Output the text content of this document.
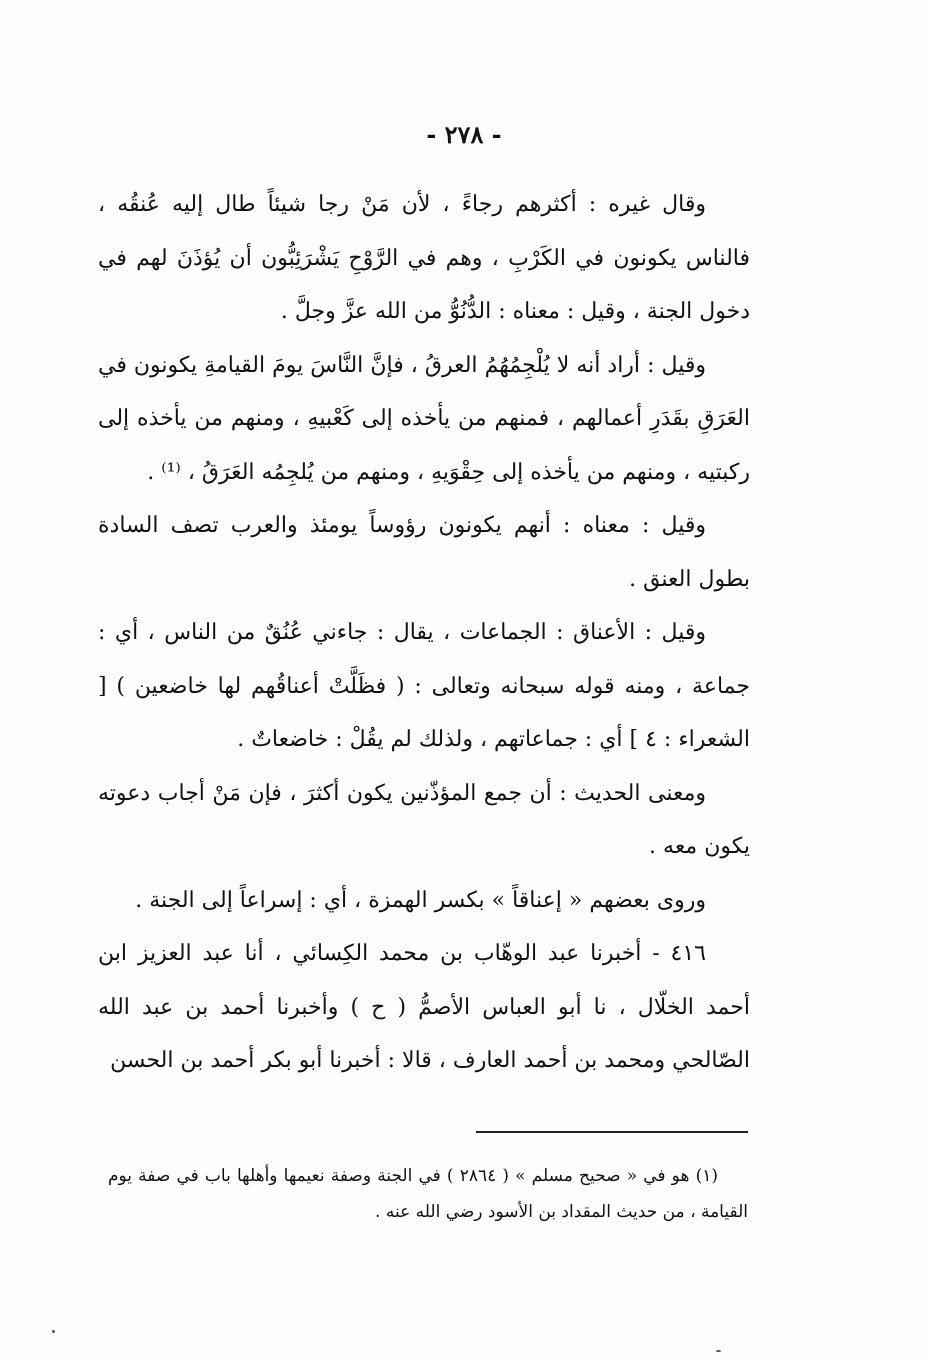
- ٢٧٨ -

وقال غيره : أكثرهم رجاءً ، لأن مَنْ رجا شيئاً طال إليه عُنقُه ، فالناس يكونون في الكَرْبِ ، وهم في الرَّوْحِ يَشْرَئِبُّون أن يُؤذَنَ لهم في دخول الجنة ، وقيل : معناه : الدُّنُوُّ من الله عزَّ وجلَّ .

وقيل : أراد أنه لا يُلْجِمُهُمُ العرقُ ، فإنَّ النَّاسَ يومَ القيامةِ يكونون في العَرَقِ بقَدَرِ أعمالهم ، فمنهم من يأخذه إلى كَعْبيهِ ، ومنهم من يأخذه إلى ركبتيه ، ومنهم من يأخذه إلى حِقْوَيهِ ، ومنهم من يُلجِمُه العَرَقُ ، ⁽¹⁾ .

وقيل : معناه : أنهم يكونون رؤوساً يومئذ والعرب تصف السادة بطول العنق .

وقيل : الأعناق : الجماعات ، يقال : جاءني عُنُقٌ من الناس ، أي : جماعة ، ومنه قوله سبحانه وتعالى : ( فظَلَّتْ أعناقُهم لها خاضعين ) [ الشعراء : ٤ ] أي : جماعاتهم ، ولذلك لم يقُلْ : خاضعاتٌ .

ومعنى الحديث : أن جمع المؤذّنين يكون أكثرَ ، فإن مَنْ أجاب دعوته يكون معه .

وروى بعضهم « إعناقاً » بكسر الهمزة ، أي : إسراعاً إلى الجنة .

٤١٦ - أخبرنا عبد الوهّاب بن محمد الكِسائي ، أنا عبد العزيز ابن أحمد الخلّال ، نا أبو العباس الأصمُّ ( ح ) وأخبرنا أحمد بن عبد الله الصّالحي ومحمد بن أحمد العارف ، قالا : أخبرنا أبو بكر أحمد بن الحسن

(١) هو في « صحيح مسلم » ( ٢٨٦٤ ) في الجنة وصفة نعيمها وأهلها باب في صفة يوم القيامة ، من حديث المقداد بن الأسود رضي الله عنه .
